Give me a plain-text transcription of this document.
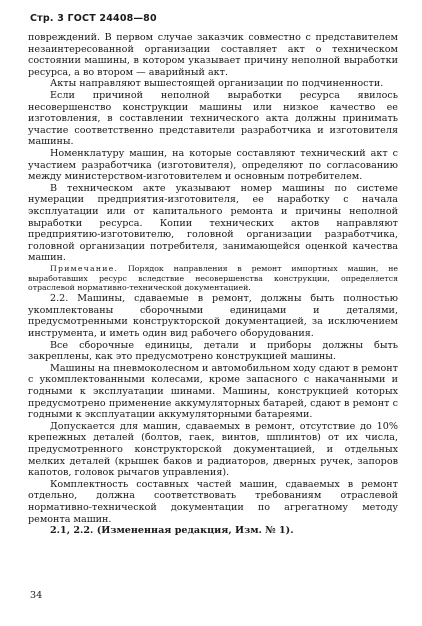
Стр. 3 ГОСТ 24408—80

повреждений. В первом случае заказчик совместно с представителем незаинтересованной организации составляет акт о техническом состоянии машины, в котором указывает причину неполной выработки ресурса, а во втором — аварийный акт.

Акты направляют вышестоящей организации по подчиненности.

Если причиной неполной выработки ресурса явилось несовершенство конструкции машины или низкое качество ее изготовления, в составлении технического акта должны принимать участие соответственно представители разработчика и изготовителя машины.

Номенклатуру машин, на которые составляют технический акт с участием разработчика (изготовителя), определяют по согласованию между министерством-изготовителем и основным потребителем.

В техническом акте указывают номер машины по системе нумерации предприятия-изготовителя, ее наработку с начала эксплуатации или от капитального ремонта и причины неполной выработки ресурса. Копии технических актов направляют предприятию-изготовителю, головной организации разработчика, головной организации потребителя, занимающейся оценкой качества машин.

Примечание. Порядок направления в ремонт импортных машин, не выработавших ресурс вследствие несовершенства конструкции, определяется отраслевой нормативно-технической документацией.

2.2. Машины, сдаваемые в ремонт, должны быть полностью укомплектованы сборочными единицами и деталями, предусмотренными конструкторской документацией, за исключением инструмента, и иметь один вид рабочего оборудования.

Все сборочные единицы, детали и приборы должны быть закреплены, как это предусмотрено конструкцией машины.

Машины на пневмоколесном и автомобильном ходу сдают в ремонт с укомплектованными колесами, кроме запасного с накачанными и годными к эксплуатации шинами. Машины, конструкцией которых предусмотрено применение аккумуляторных батарей, сдают в ремонт с годными к эксплуатации аккумуляторными батареями.

Допускается для машин, сдаваемых в ремонт, отсутствие до 10% крепежных деталей (болтов, гаек, винтов, шплинтов) от их числа, предусмотренного конструкторской документацией, и отдельных мелких деталей (крышек баков и радиаторов, дверных ручек, запоров капотов, головок рычагов управления).

Комплектность составных частей машин, сдаваемых в ремонт отдельно, должна соответствовать требованиям отраслевой нормативно-технической документации по агрегатному методу ремонта машин.

2.1, 2.2. (Измененная редакция, Изм. № 1).

34
